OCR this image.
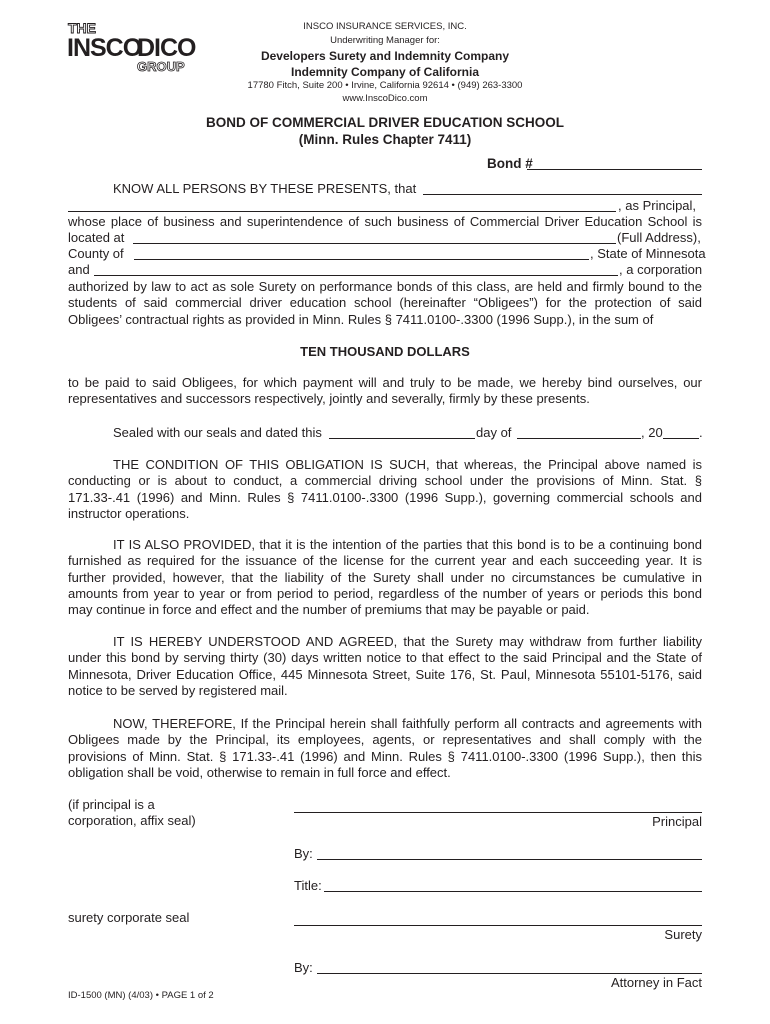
THE
INSCO
DICO
GROUP
INSCO INSURANCE SERVICES, INC.
Underwriting Manager for:
Developers Surety and Indemnity Company
Indemnity Company of California
17780 Fitch, Suite 200 • Irvine, California 92614 • (949) 263-3300
www.InscoDico.com
BOND OF COMMERCIAL DRIVER EDUCATION SCHOOL
(Minn. Rules Chapter 7411)
Bond #
KNOW ALL PERSONS BY THESE PRESENTS, that
, as Principal,
whose place of business and superintendence of such business of Commercial Driver Education School is
located at	(Full Address),
County of	, State of Minnesota
and	, a corporation
authorized by law to act as sole Surety on performance bonds of this class, are held and firmly bound to the students of said commercial driver education school (hereinafter “Obligees”) for the protection of said Obligees’ contractual rights as provided in Minn. Rules § 7411.0100-.3300 (1996 Supp.), in the sum of
TEN THOUSAND DOLLARS
to be paid to said Obligees, for which payment will and truly to be made, we hereby bind ourselves, our representatives and successors respectively, jointly and severally, firmly by these presents.
Sealed with our seals and dated this	day of	, 20	.
THE CONDITION OF THIS OBLIGATION IS SUCH, that whereas, the Principal above named is conducting or is about to conduct, a commercial driving school under the provisions of Minn. Stat. § 171.33-.41 (1996) and Minn. Rules § 7411.0100-.3300 (1996 Supp.), governing commercial schools and instructor operations.
IT IS ALSO PROVIDED, that it is the intention of the parties that this bond is to be a continuing bond furnished as required for the issuance of the license for the current year and each succeeding year. It is further provided, however, that the liability of the Surety shall under no circumstances be cumulative in amounts from year to year or from period to period, regardless of the number of years or periods this bond may continue in force and effect and the number of premiums that may be payable or paid.
IT IS HEREBY UNDERSTOOD AND AGREED, that the Surety may withdraw from further liability under this bond by serving thirty (30) days written notice to that effect to the said Principal and the State of Minnesota, Driver Education Office, 445 Minnesota Street, Suite 176, St. Paul, Minnesota 55101-5176, said notice to be served by registered mail.
NOW, THEREFORE, If the Principal herein shall faithfully perform all contracts and agreements with Obligees made by the Principal, its employees, agents, or representatives and shall comply with the provisions of Minn. Stat. § 171.33-.41 (1996) and Minn. Rules § 7411.0100-.3300 (1996 Supp.), then this obligation shall be void, otherwise to remain in full force and effect.
(if principal is a
corporation, affix seal)	Principal
By:
Title:
surety corporate seal
Surety
By:
Attorney in Fact
ID-1500 (MN) (4/03) • PAGE 1 of 2
